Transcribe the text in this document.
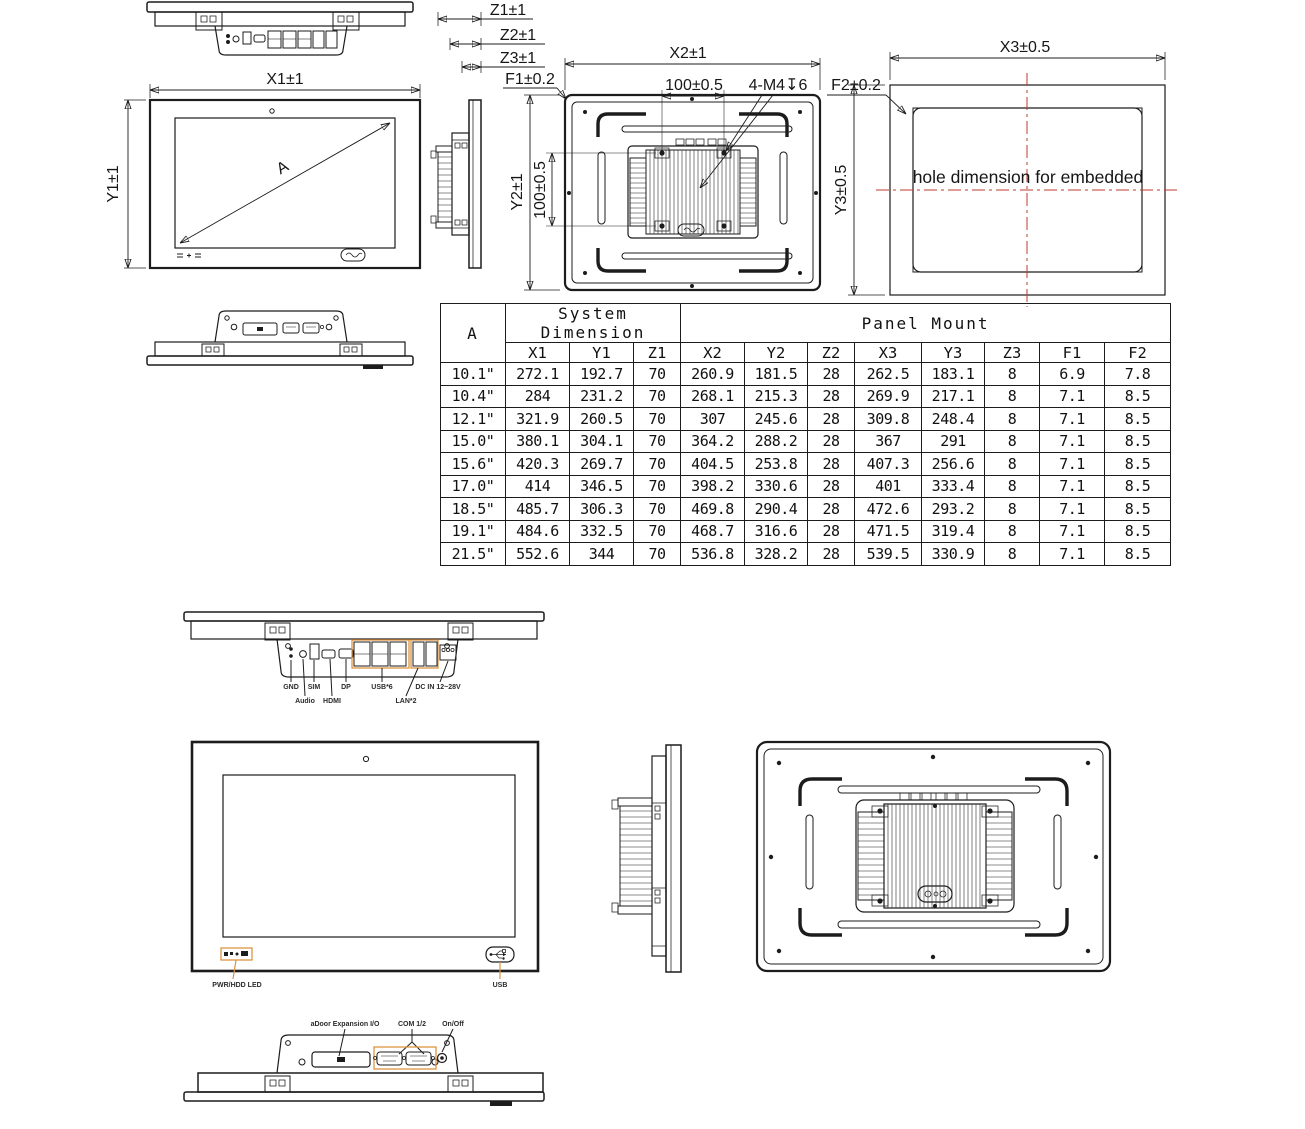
X1±1
Y1±1	A
Z1±1
Z2±1
Z3±1
F1±0.2
X2±1
100±0.5 4-M4↧6 F2±0.2
Y2±1 100±0.5
X3±0.5
Y3±0.5	hole dimension for embedded
GND SIM	DP	USB*6	DC IN 12~28V
Audio HDMI	LAN*2
PWR/HDD LED	USB
aDoor Expansion I/O	COM 1/2 On/Off
A	System Dimension			Panel Mount							
	X1	Y1	Z1	X2	Y2	Z2	X3	Y3	Z3	F1	F2
10.1"	272.1	192.7	70	260.9	181.5	28	262.5	183.1	8	6.9	7.8
10.4"	284	231.2	70	268.1	215.3	28	269.9	217.1	8	7.1	8.5
12.1"	321.9	260.5	70	307	245.6	28	309.8	248.4	8	7.1	8.5
15.0"	380.1	304.1	70	364.2	288.2	28	367	291	8	7.1	8.5
15.6"	420.3	269.7	70	404.5	253.8	28	407.3	256.6	8	7.1	8.5
17.0"	414	346.5	70	398.2	330.6	28	401	333.4	8	7.1	8.5
18.5"	485.7	306.3	70	469.8	290.4	28	472.6	293.2	8	7.1	8.5
19.1"	484.6	332.5	70	468.7	316.6	28	471.5	319.4	8	7.1	8.5
21.5"	552.6	344	70	536.8	328.2	28	539.5	330.9	8	7.1	8.5
